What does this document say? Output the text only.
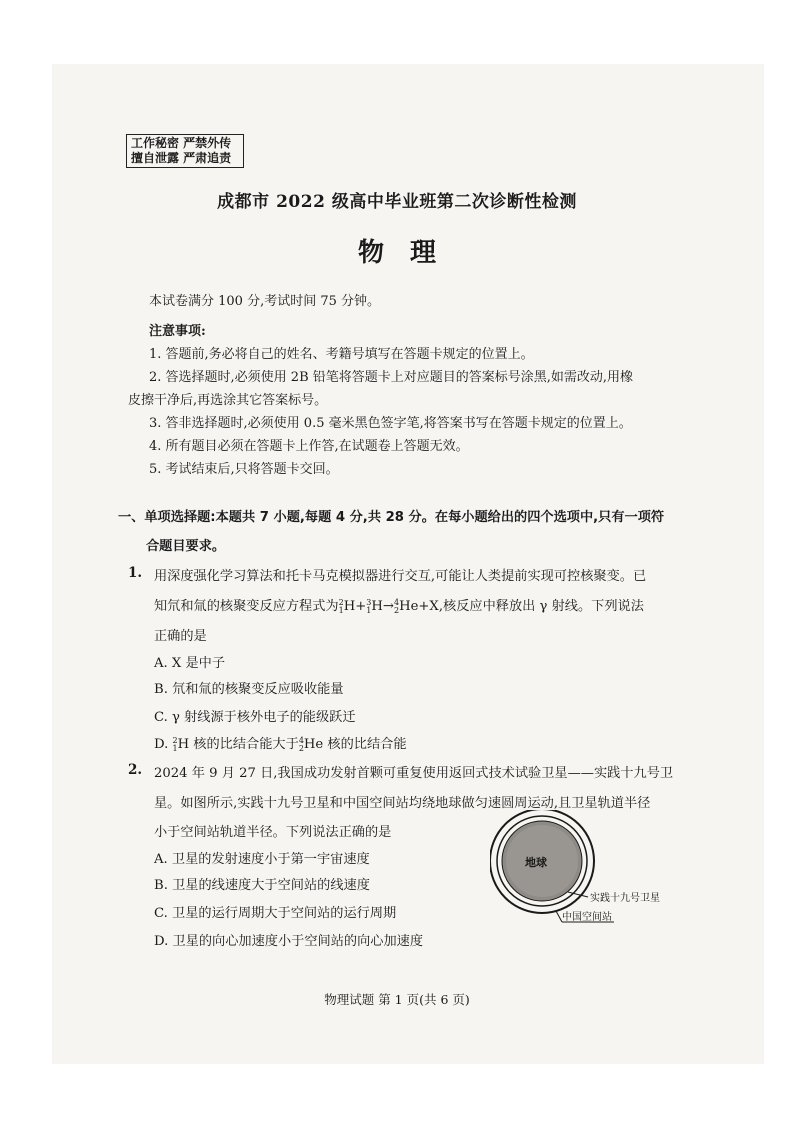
工作秘密 严禁外传
擅自泄露 严肃追责
成都市 2022 级高中毕业班第二次诊断性检测
物理
本试卷满分 100 分,考试时间 75 分钟。
注意事项:
1. 答题前,务必将自己的姓名、考籍号填写在答题卡规定的位置上。
2. 答选择题时,必须使用 2B 铅笔将答题卡上对应题目的答案标号涂黑,如需改动,用橡
皮擦干净后,再选涂其它答案标号。
3. 答非选择题时,必须使用 0.5 毫米黑色签字笔,将答案书写在答题卡规定的位置上。
4. 所有题目必须在答题卡上作答,在试题卷上答题无效。
5. 考试结束后,只将答题卡交回。
一、单项选择题:本题共 7 小题,每题 4 分,共 28 分。在每小题给出的四个选项中,只有一项符
合题目要求。
1. 用深度强化学习算法和托卡马克模拟器进行交互,可能让人类提前实现可控核聚变。已
知氘和氚的核聚变反应方程式为2
1H+3
1H→4
2He+X,核反应中释放出 γ 射线。下列说法
正确的是
A. X 是中子
B. 氘和氚的核聚变反应吸收能量
C. γ 射线源于核外电子的能级跃迁
D. 2
1H 核的比结合能大于4
2He 核的比结合能
2. 2024 年 9 月 27 日,我国成功发射首颗可重复使用返回式技术试验卫星——实践十九号卫
星。如图所示,实践十九号卫星和中国空间站均绕地球做匀速圆周运动,且卫星轨道半径
小于空间站轨道半径。下列说法正确的是
A. 卫星的发射速度小于第一宇宙速度
B. 卫星的线速度大于空间站的线速度
C. 卫星的运行周期大于空间站的运行周期
D. 卫星的向心加速度小于空间站的向心加速度
地球
实践十九号卫星
中国空间站
物理试题 第 1 页(共 6 页)
